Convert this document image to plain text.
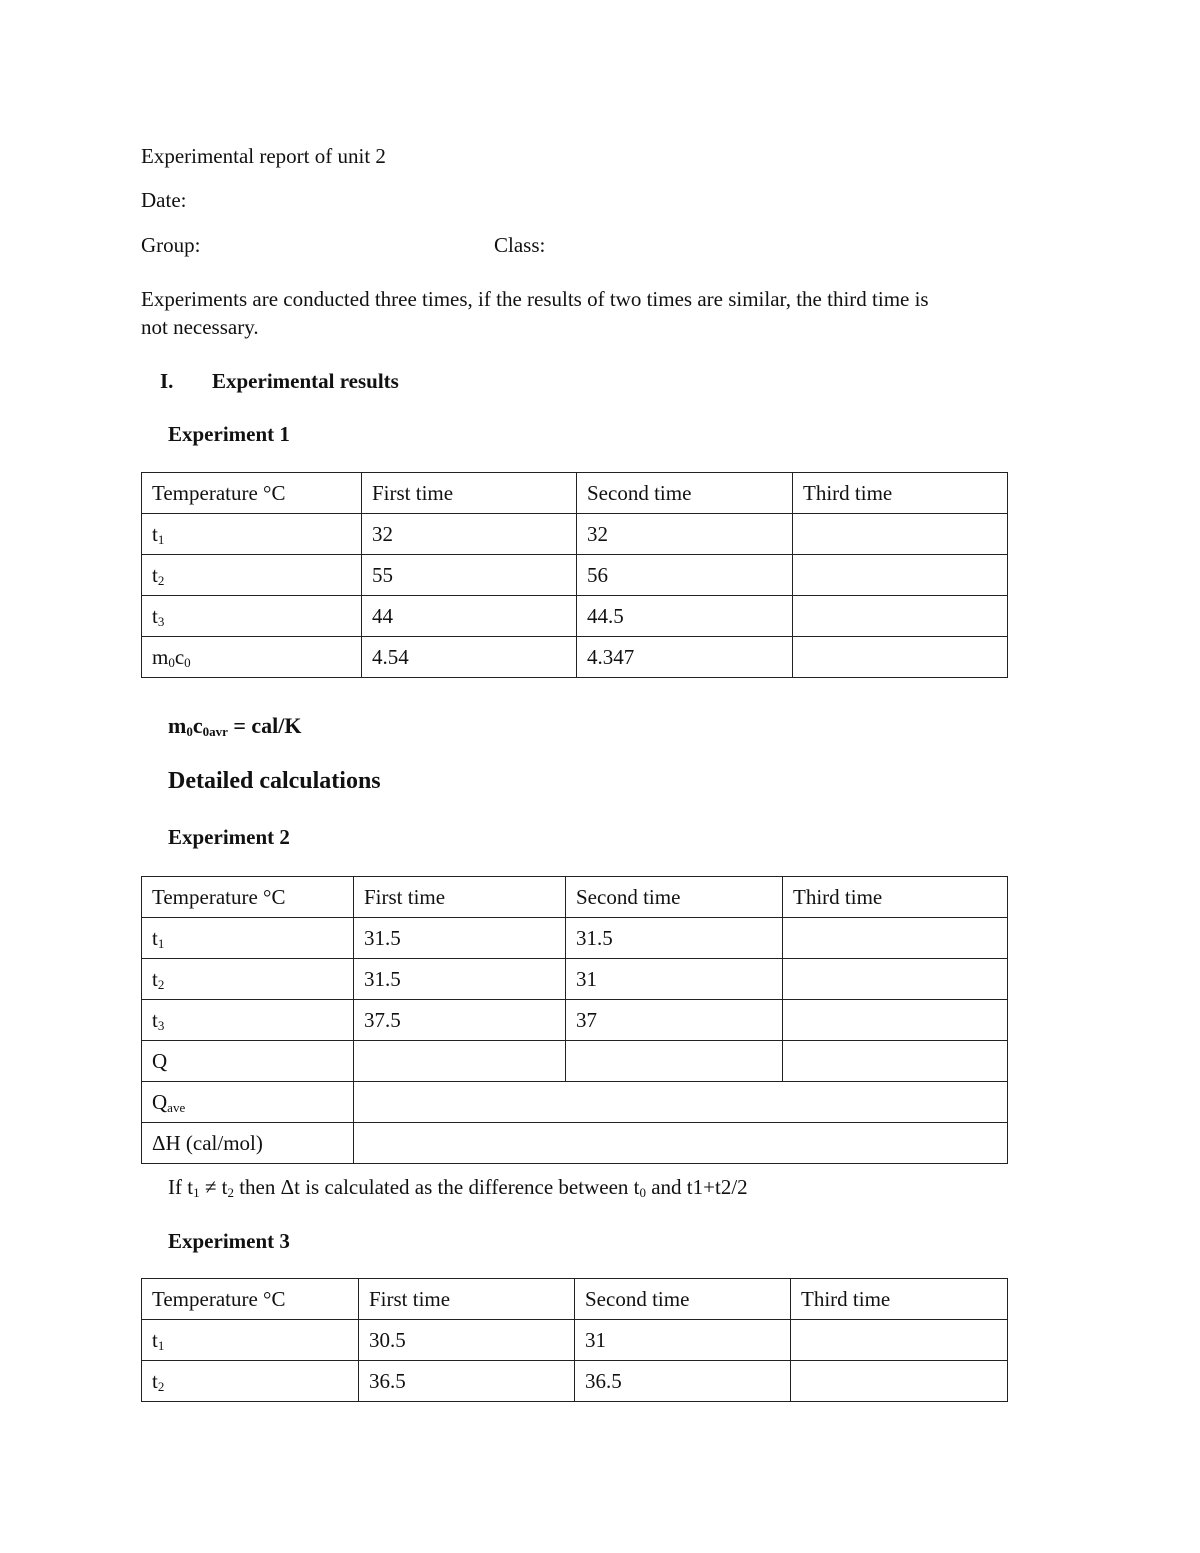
Experimental report of unit 2
Date:
Group:	Class:
Experiments are conducted three times, if the results of two times are similar, the third time is
not necessary.
I. Experimental results
Experiment 1
Temperature °C	First time	Second time	Third time
$t_1$	32	32	
$t_2$	55	56	
$t_3$	44	44.5	
$m_0c_0$	4.54	4.347	
$m_0c_{0avr} = cal/K$
Detailed calculations
Experiment 2
Temperature °C	First time	Second time	Third time
$t_1$	31.5	31.5	
$t_2$	31.5	31	
$t_3$	37.5	37	
Q			
$Q_{ave}$	
ΔH (cal/mol)			
If $t_1 \ne t_2$ then Δt is calculated as the difference between $t_0$ and t1+t2/2
Experiment 3
Temperature °C	First time	Second time	Third time
$t_1$	30.5	31	
$t_2$	36.5	36.5	
